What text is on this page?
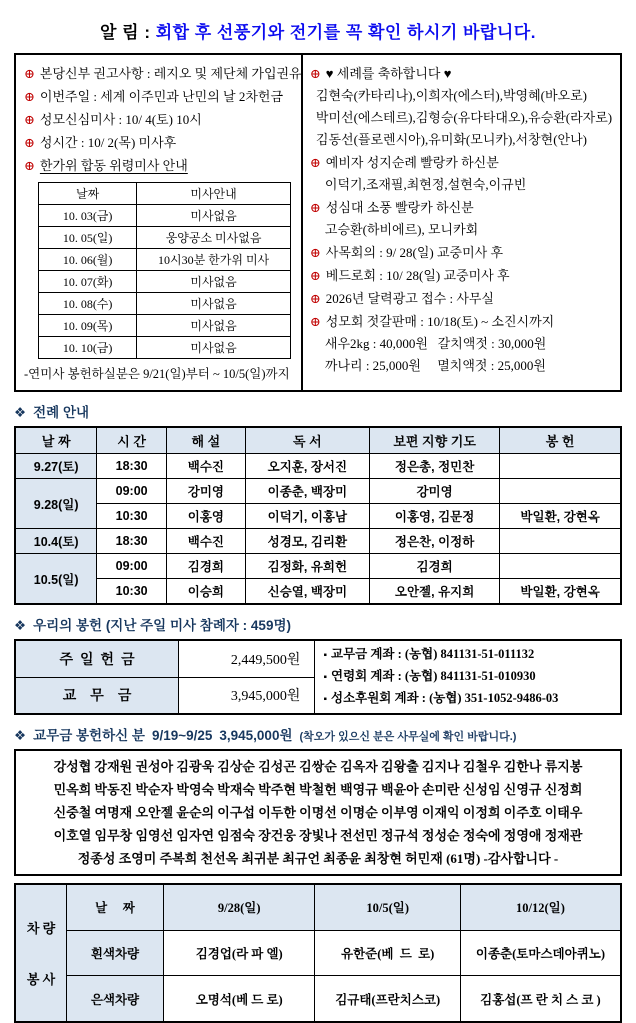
알 림 : 회합 후 선풍기와 전기를 꼭 확인 하시기 바랍니다.
⊕ 본당신부 권고사항 : 레지오 및 제단체 가입권유
⊕ 이번주일 : 세계 이주민과 난민의 날 2차헌금
⊕ 성모신심미사 : 10/ 4(토) 10시
⊕ 성시간 : 10/ 2(목) 미사후
⊕ 한가위 합동 위령미사 안내
날짜	미사안내
10. 03(금)	미사없음
10. 05(일)	웅양공소 미사없음
10. 06(월)	10시30분 한가위 미사
10. 07(화)	미사없음
10. 08(수)	미사없음
10. 09(목)	미사없음
10. 10(금)	미사없음
-연미사 봉헌하실분은 9/21(일)부터 ~ 10/5(일)까지
⊕ ♥ 세례를 축하합니다 ♥
김현숙(카타리나),이희자(에스터),박영혜(바오로)
박미선(에스테르),김형승(유다타대오),유승환(라자로)
김동선(플로렌시아),유미화(모니카),서창현(안나)
⊕ 예비자 성지순례 빨랑카 하신분
이덕기,조재필,최현정,설현숙,이규빈
⊕ 성심대 소풍 빨랑카 하신분
고승환(하비에르), 모니카회
⊕ 사목회의 : 9/ 28(일) 교중미사 후
⊕ 베드로회 : 10/ 28(일) 교중미사 후
⊕ 2026년 달력광고 접수 : 사무실
⊕ 성모회 젓갈판매 : 10/18(토) ~ 소진시까지
새우2kg : 40,000원   갈치액젓 : 30,000원
까나리 : 25,000원     멸치액젓 : 25,000원
❖ 전례 안내
날 짜	시 간	해 설	독 서	보편 지향 기도	봉 헌
9.27(토)	18:30	백수진	오지훈, 장서진	정은총, 정민찬	
9.28(일)	09:00	강미영	이종춘, 백장미	강미영	
	10:30	이홍영	이덕기, 이홍남	이홍영, 김문정	박일환, 강현옥
10.4(토)	18:30	백수진	성경모, 김리환	정은찬, 이정하	
10.5(일)	09:00	김경희	김정화, 유희헌	김경희	
	10:30	이승희	신승열, 백장미	오안젤, 유지희	박일환, 강현옥
❖ 우리의 봉헌 (지난 주일 미사 참례자 : 459명)
주  일  헌  금	2,449,500원	▪ 교무금 계좌 : (농협) 841131-51-011132
▪ 연령회 계좌 : (농협) 841131-51-010930
▪ 성소후원회 계좌 : (농협) 351-1052-9486-03

교    무    금	3,945,000원	
❖ 교무금 봉헌하신 분 9/19~9/25 3,945,000원 (착오가 있으신 분은 사무실에 확인 바랍니다.)
강성협 강재원 권성아 김광욱 김상순 김성곤 김쌍순 김옥자 김왕출 김지나 김철우 김한나 류지봉
민옥희 박동진 박순자 박영숙 박재숙 박주현 박철헌 백영규 백윤아 손미란 신성임 신영규 신정희
신중철 여명재 오안젤 윤순의 이구섭 이두한 이명선 이명순 이부영 이재익 이정희 이주호 이태우
이호열 임무창 임영선 임자연 임점숙 장건웅 장빛나 전선민 정규석 정성순 정숙에 정영애 정재관
정종성 조영미 주복희 천선옥 최귀분 최규언 최종윤 최창현 허민재 (61명) -감사합니다 -

차 량

봉 사	날     짜	9/28(일)	10/5(일)	10/12(일)
	흰색차량	김경업(라 파 엘)	유한준(베  드  로)	이종춘(토마스데아퀴노)
	은색차량	오명석(베 드 로)	김규태(프란치스코)	김홍섭(프 란 치 스 코 )
